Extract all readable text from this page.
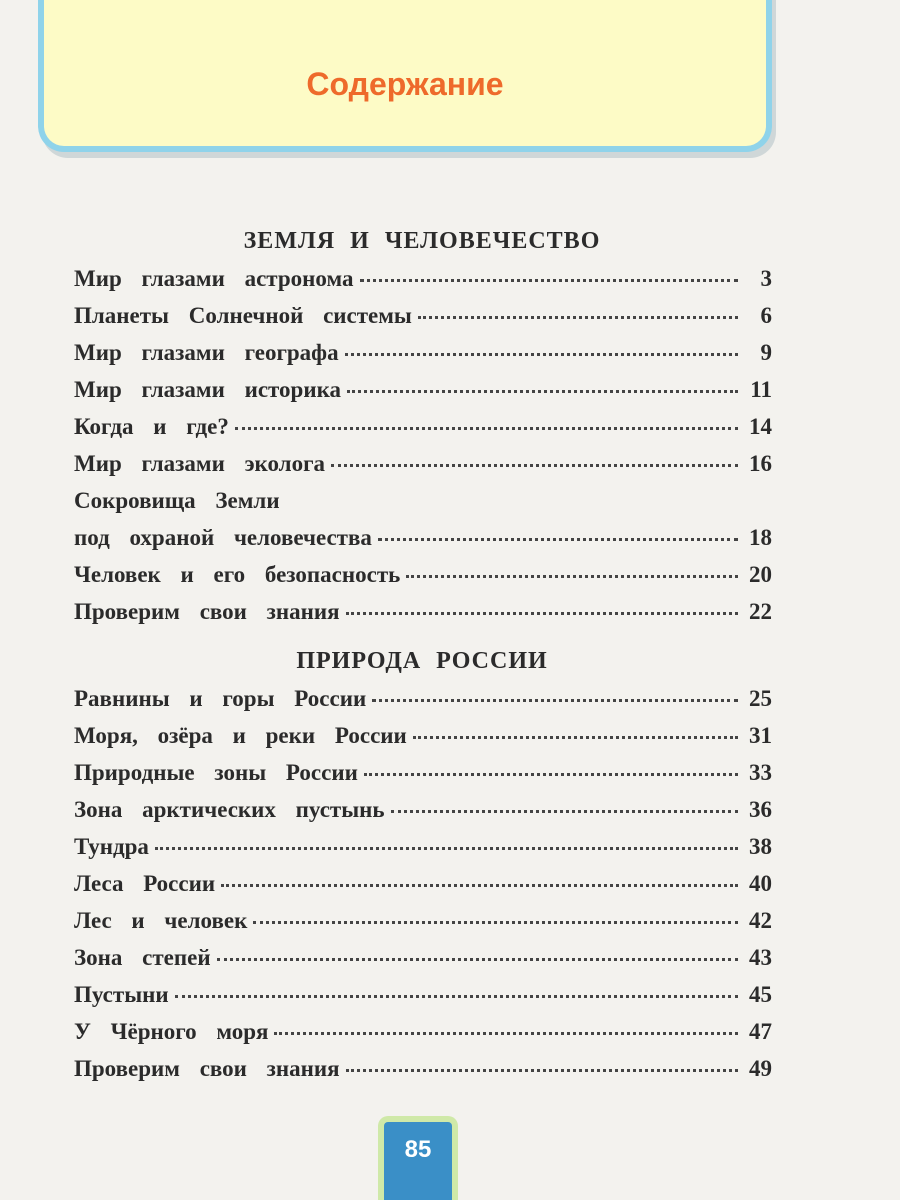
Содержание
ЗЕМЛЯ И ЧЕЛОВЕЧЕСТВО
Мир глазами астронома	3
Планеты Солнечной системы	6
Мир глазами географа	9
Мир глазами историка	11
Когда и где?	14
Мир глазами эколога	16
Сокровища Земли
под охраной человечества	18
Человек и его безопасность	20
Проверим свои знания	22
ПРИРОДА РОССИИ
Равнины и горы России	25
Моря, озёра и реки России	31
Природные зоны России	33
Зона арктических пустынь	36
Тундра	38
Леса России	40
Лес и человек	42
Зона степей	43
Пустыни	45
У Чёрного моря	47
Проверим свои знания	49
85
